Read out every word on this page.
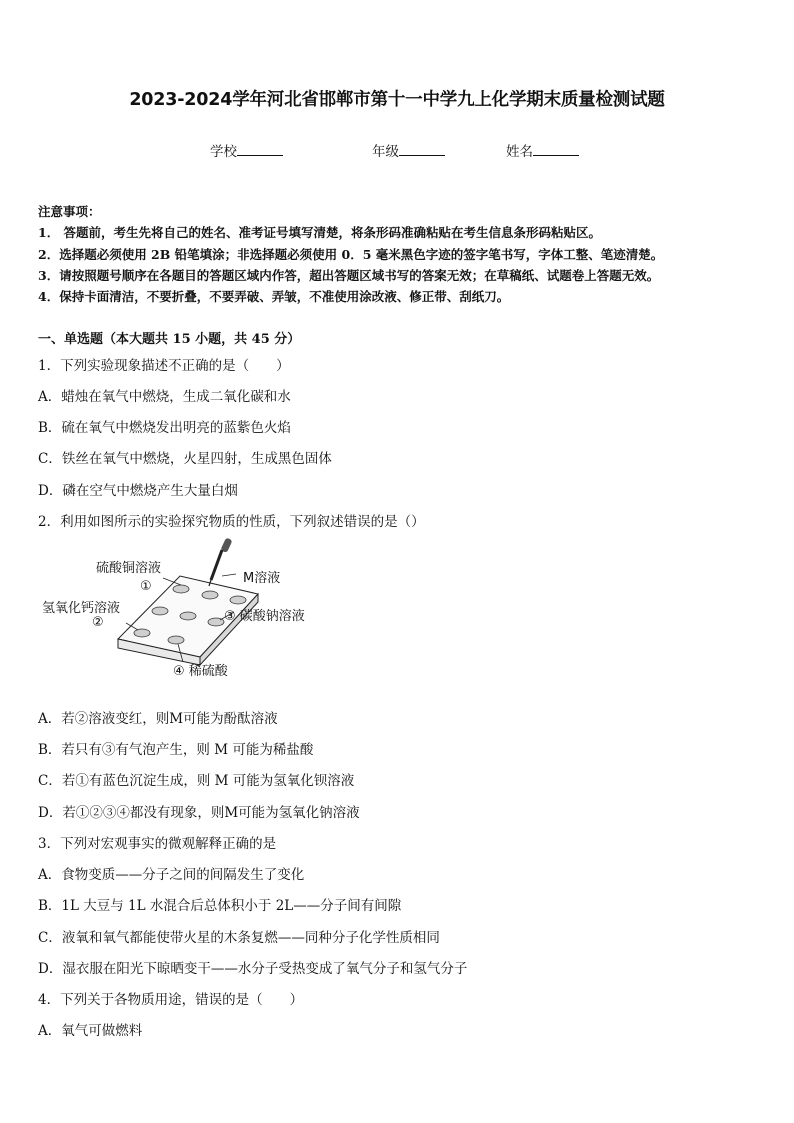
2023-2024学年河北省邯郸市第十一中学九上化学期末质量检测试题
学校	年级	姓名
注意事项：
1． 答题前，考生先将自己的姓名、准考证号填写清楚，将条形码准确粘贴在考生信息条形码粘贴区。
2．选择题必须使用 2B 铅笔填涂；非选择题必须使用 0．5 毫米黑色字迹的签字笔书写，字体工整、笔迹清楚。
3．请按照题号顺序在各题目的答题区域内作答，超出答题区域书写的答案无效；在草稿纸、试题卷上答题无效。
4．保持卡面清洁，不要折叠，不要弄破、弄皱，不准使用涂改液、修正带、刮纸刀。
一、单选题（本大题共 15 小题，共 45 分）
1．下列实验现象描述不正确的是（　　）
A．蜡烛在氧气中燃烧，生成二氧化碳和水
B．硫在氧气中燃烧发出明亮的蓝紫色火焰
C．铁丝在氧气中燃烧，火星四射，生成黑色固体
D．磷在空气中燃烧产生大量白烟
2．利用如图所示的实验探究物质的性质，下列叙述错误的是（）
硫酸铜溶液
①
氢氧化钙溶液
②
M溶液
③ 碳酸钠溶液
④ 稀硫酸
A．若②溶液变红，则M可能为酚酞溶液
B．若只有③有气泡产生，则 M 可能为稀盐酸
C．若①有蓝色沉淀生成，则 M 可能为氢氧化钡溶液
D．若①②③④都没有现象，则M可能为氢氧化钠溶液
3．下列对宏观事实的微观解释正确的是
A．食物变质——分子之间的间隔发生了变化
B．1L 大豆与 1L 水混合后总体积小于 2L——分子间有间隙
C．液氧和氧气都能使带火星的木条复燃——同种分子化学性质相同
D．湿衣服在阳光下晾晒变干——水分子受热变成了氧气分子和氢气分子
4．下列关于各物质用途，错误的是（　　）
A．氧气可做燃料
